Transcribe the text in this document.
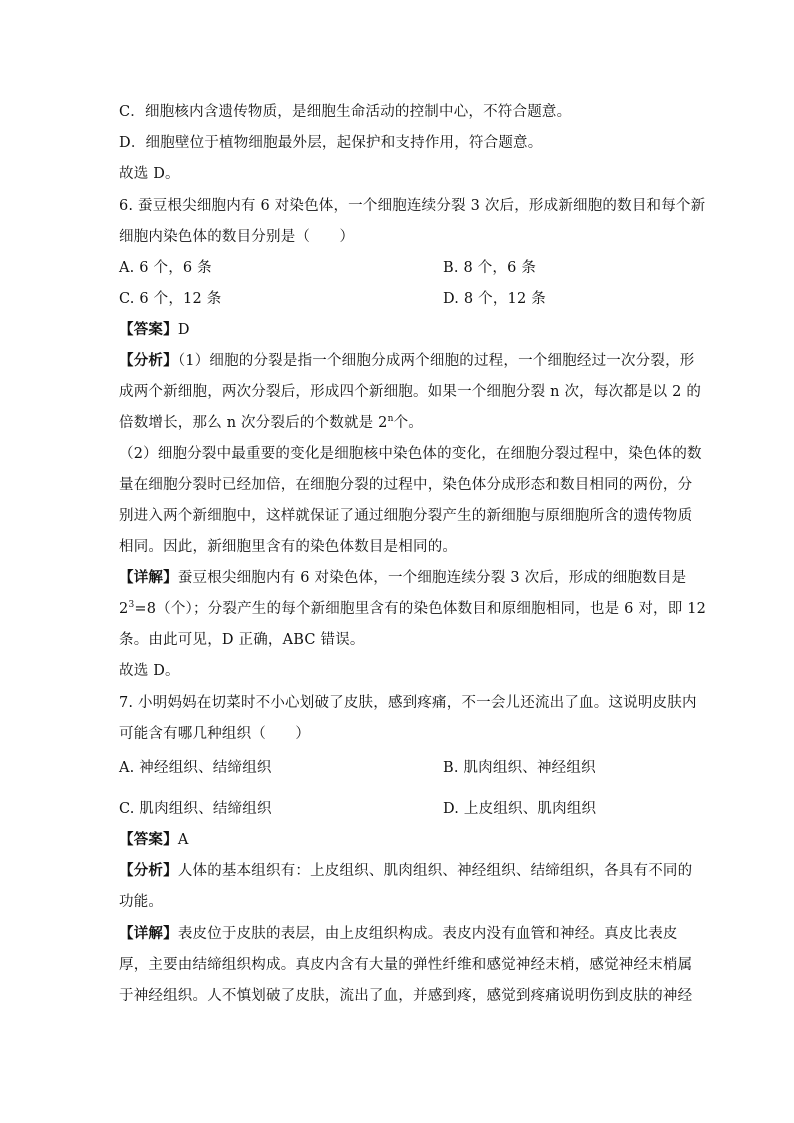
C．细胞核内含遗传物质，是细胞生命活动的控制中心，不符合题意。
D．细胞壁位于植物细胞最外层，起保护和支持作用，符合题意。
故选 D。
6. 蚕豆根尖细胞内有 6 对染色体，一个细胞连续分裂 3 次后，形成新细胞的数目和每个新
细胞内染色体的数目分别是（　　）
A. 6 个，6 条	B. 8 个，6 条
C. 6 个，12 条	D. 8 个，12 条
【答案】D
【分析】（1）细胞的分裂是指一个细胞分成两个细胞的过程，一个细胞经过一次分裂，形
成两个新细胞，两次分裂后，形成四个新细胞。如果一个细胞分裂 n 次，每次都是以 2 的
倍数增长，那么 n 次分裂后的个数就是 2$^n$个。
（2）细胞分裂中最重要的变化是细胞核中染色体的变化，在细胞分裂过程中，染色体的数
量在细胞分裂时已经加倍，在细胞分裂的过程中，染色体分成形态和数目相同的两份，分
别进入两个新细胞中，这样就保证了通过细胞分裂产生的新细胞与原细胞所含的遗传物质
相同。因此，新细胞里含有的染色体数目是相同的。
【详解】蚕豆根尖细胞内有 6 对染色体，一个细胞连续分裂 3 次后，形成的细胞数目是
$2^3=8$（个）；分裂产生的每个新细胞里含有的染色体数目和原细胞相同，也是 6 对，即 12
条。由此可见，D 正确，ABC 错误。
故选 D。
7. 小明妈妈在切菜时不小心划破了皮肤，感到疼痛，不一会儿还流出了血。这说明皮肤内
可能含有哪几种组织（　　）
A. 神经组织、结缔组织	B. 肌肉组织、神经组织
C. 肌肉组织、结缔组织	D. 上皮组织、肌肉组织
【答案】A
【分析】人体的基本组织有：上皮组织、肌肉组织、神经组织、结缔组织，各具有不同的
功能。
【详解】表皮位于皮肤的表层，由上皮组织构成。表皮内没有血管和神经。真皮比表皮
厚，主要由结缔组织构成。真皮内含有大量的弹性纤维和感觉神经末梢，感觉神经末梢属
于神经组织。人不慎划破了皮肤，流出了血，并感到疼，感觉到疼痛说明伤到皮肤的神经
